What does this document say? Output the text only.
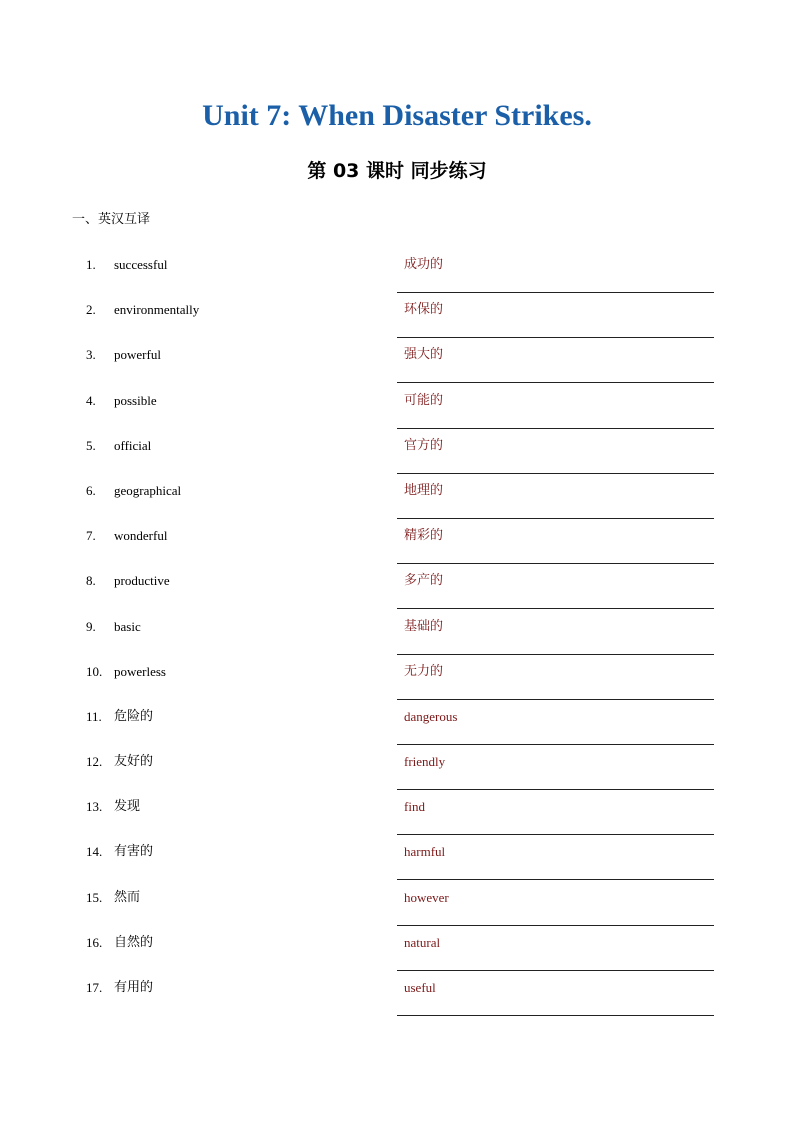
Unit 7: When Disaster Strikes.
第 03 课时 同步练习
一、英汉互译
1. successful	成功的
2. environmentally	环保的
3. powerful	强大的
4. possible	可能的
5. official	官方的
6. geographical	地理的
7. wonderful	精彩的
8. productive	多产的
9. basic	基础的
10. powerless	无力的
11. 危险的	dangerous
12. 友好的	friendly
13. 发现	find
14. 有害的	harmful
15. 然而	however
16. 自然的	natural
17. 有用的	useful
